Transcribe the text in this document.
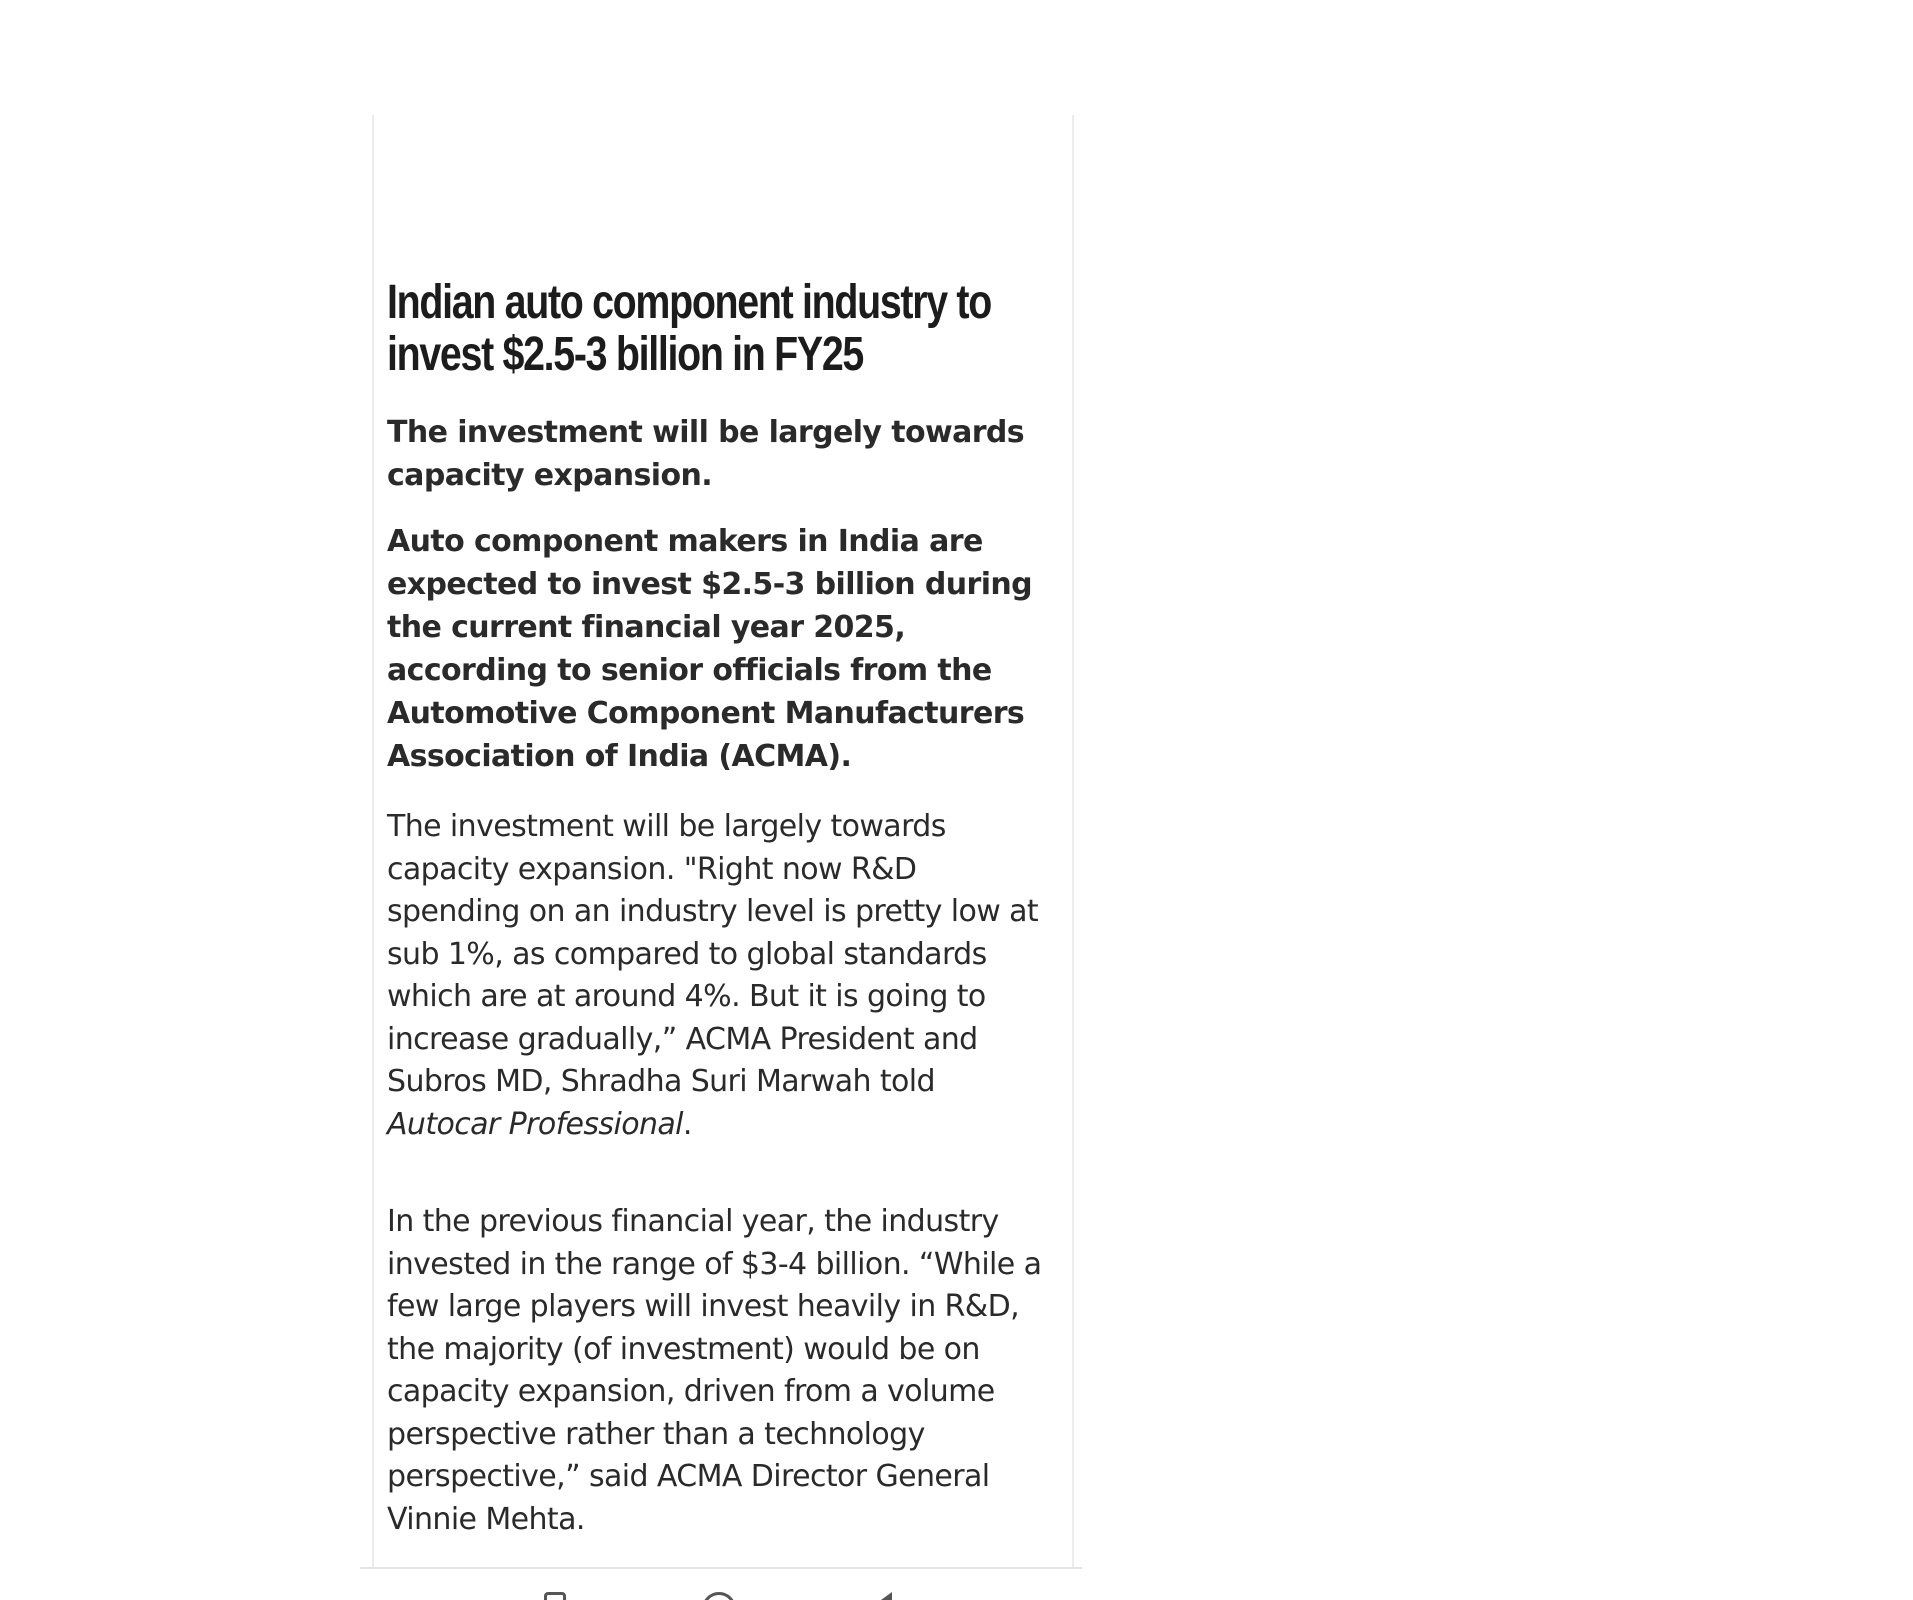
Indian auto component industry to invest $2.5-3 billion in FY25

The investment will be largely towards capacity expansion.

Auto component makers in India are expected to invest $2.5-3 billion during the current financial year 2025, according to senior officials from the Automotive Component Manufacturers Association of India (ACMA).

The investment will be largely towards capacity expansion. "Right now R&D spending on an industry level is pretty low at sub 1%, as compared to global standards which are at around 4%. But it is going to increase gradually,” ACMA President and Subros MD, Shradha Suri Marwah told Autocar Professional.

In the previous financial year, the industry invested in the range of $3-4 billion. “While a few large players will invest heavily in R&D, the majority (of investment) would be on capacity expansion, driven from a volume perspective rather than a technology perspective,” said ACMA Director General Vinnie Mehta.
